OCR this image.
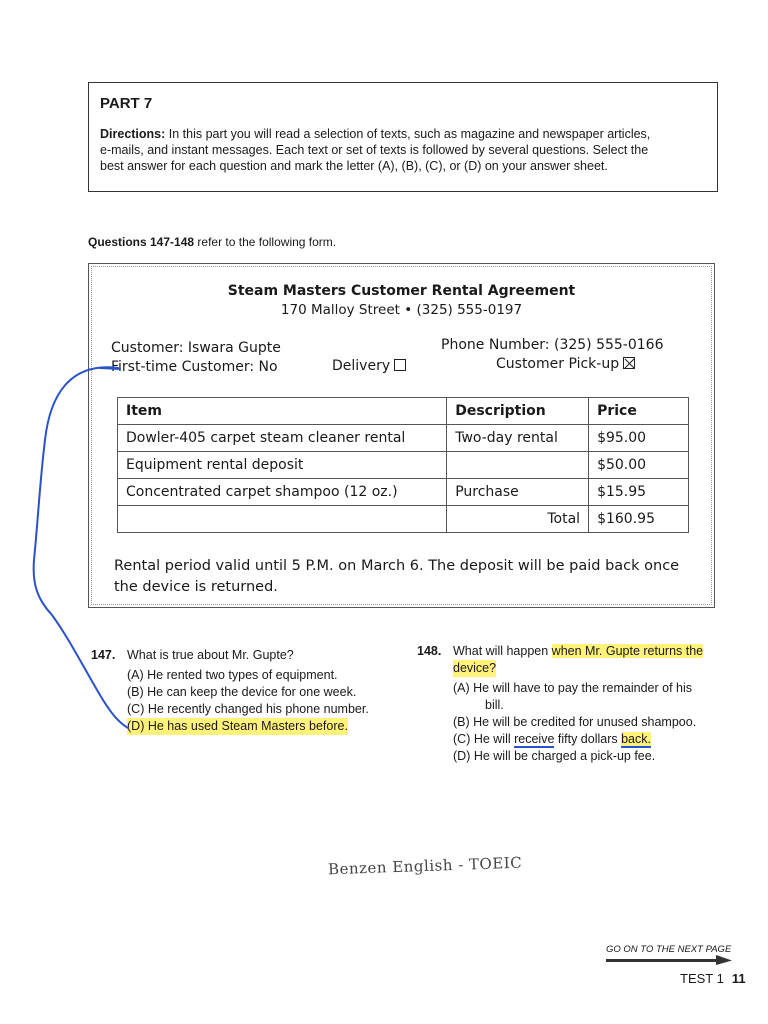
PART 7
Directions: In this part you will read a selection of texts, such as magazine and newspaper articles,
e-mails, and instant messages. Each text or set of texts is followed by several questions. Select the
best answer for each question and mark the letter (A), (B), (C), or (D) on your answer sheet.
Questions 147-148 refer to the following form.
Steam Masters Customer Rental Agreement
170 Malloy Street • (325) 555-0197
Customer: Iswara Gupte	Phone Number: (325) 555-0166
First-time Customer: No	Delivery	Customer Pick-up
Item	Description	Price
Dowler-405 carpet steam cleaner rental	Two-day rental	$95.00
Equipment rental deposit		$50.00
Concentrated carpet shampoo (12 oz.)	Purchase	$15.95
	Total	$160.95
Rental period valid until 5 P.M. on March 6. The deposit will be paid back once
the device is returned.
147. What is true about Mr. Gupte?
(A) He rented two types of equipment.
(B) He can keep the device for one week.
(C) He recently changed his phone number.
(D) He has used Steam Masters before.
148. What will happen when Mr. Gupte returns the
device?
(A) He will have to pay the remainder of his
bill.
(B) He will be credited for unused shampoo.
(C) He will receive fifty dollars back.
(D) He will be charged a pick-up fee.
Benzen English - TOEIC
GO ON TO THE NEXT PAGE
TEST 1 11
